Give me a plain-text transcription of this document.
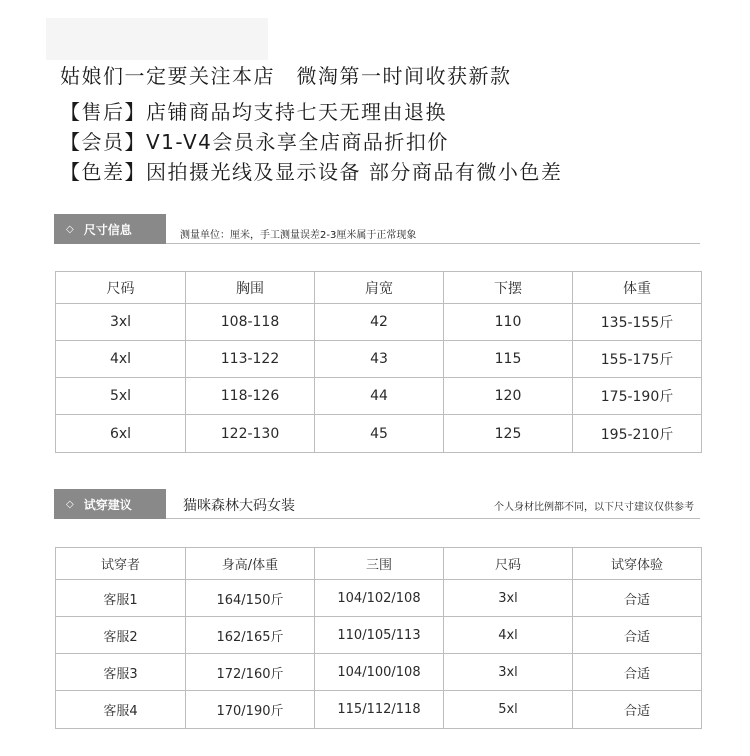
姑娘们一定要关注本店　微淘第一时间收获新款
【售后】店铺商品均支持七天无理由退换
【会员】V1-V4会员永享全店商品折扣价
【色差】因拍摄光线及显示设备 部分商品有微小色差
◇ 尺寸信息	测量单位：厘米，手工测量误差2-3厘米属于正常现象
尺码	胸围	肩宽	下摆	体重
3xl	108-118	42	110	135-155斤
4xl	113-122	43	115	155-175斤
5xl	118-126	44	120	175-190斤
6xl	122-130	45	125	195-210斤
◇ 试穿建议	猫咪森林大码女装	个人身材比例都不同，以下尺寸建议仅供参考
试穿者	身高/体重	三围	尺码	试穿体验
客服1	164/150斤	104/102/108	3xl	合适
客服2	162/165斤	110/105/113	4xl	合适
客服3	172/160斤	104/100/108	3xl	合适
客服4	170/190斤	115/112/118	5xl	合适
